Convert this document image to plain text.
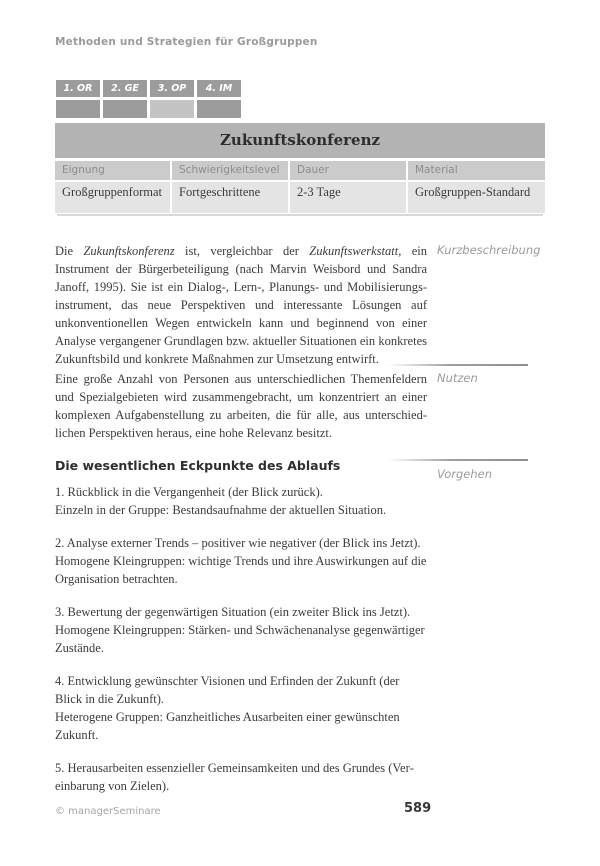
Methoden und Strategien für Großgruppen
1. OR	2. GE	3. OP	4. IM
Zukunftskonferenz
Eignung	Schwierigkeitslevel	Dauer	Material
Großgruppenformat	Fortgeschrittene	2-3 Tage	Großgruppen-Standard

Die Zukunftskonferenz ist, vergleichbar der Zukunftswerkstatt, ein Instrument der Bürgerbeteiligung (nach Marvin Weisbord und Sandra Janoff, 1995). Sie ist ein Dialog-, Lern-, Planungs- und Mobilisierungsinstrument, das neue Perspektiven und interessante Lösungen auf unkonventionellen Wegen entwickeln kann und beginnend von einer Analyse vergangener Grundlagen bzw. aktueller Situationen ein konkretes Zukunftsbild und konkrete Maßnahmen zur Umsetzung entwirft.

Kurzbeschreibung

Eine große Anzahl von Personen aus unterschiedlichen Themenfeldern und Spezialgebieten wird zusammengebracht, um konzentriert an einer komplexen Aufgabenstellung zu arbeiten, die für alle, aus unterschiedlichen Perspektiven heraus, eine hohe Relevanz besitzt.

Nutzen
Die wesentlichen Eckpunkte des Ablaufs
Vorgehen
1. Rückblick in die Vergangenheit (der Blick zurück).
Einzeln in der Gruppe: Bestandsaufnahme der aktuellen Situation.
2. Analyse externer Trends – positiver wie negativer (der Blick ins Jetzt).
Homogene Kleingruppen: wichtige Trends und ihre Auswirkungen auf die Organisation betrachten.
3. Bewertung der gegenwärtigen Situation (ein zweiter Blick ins Jetzt).
Homogene Kleingruppen: Stärken- und Schwächenanalyse gegenwärtiger Zustände.
4. Entwicklung gewünschter Visionen und Erfinden der Zukunft (der Blick in die Zukunft).
Heterogene Gruppen: Ganzheitliches Ausarbeiten einer gewünschten Zukunft.
5. Herausarbeiten essenzieller Gemeinsamkeiten und des Grundes (Vereinbarung von Zielen).
© managerSeminare	589
